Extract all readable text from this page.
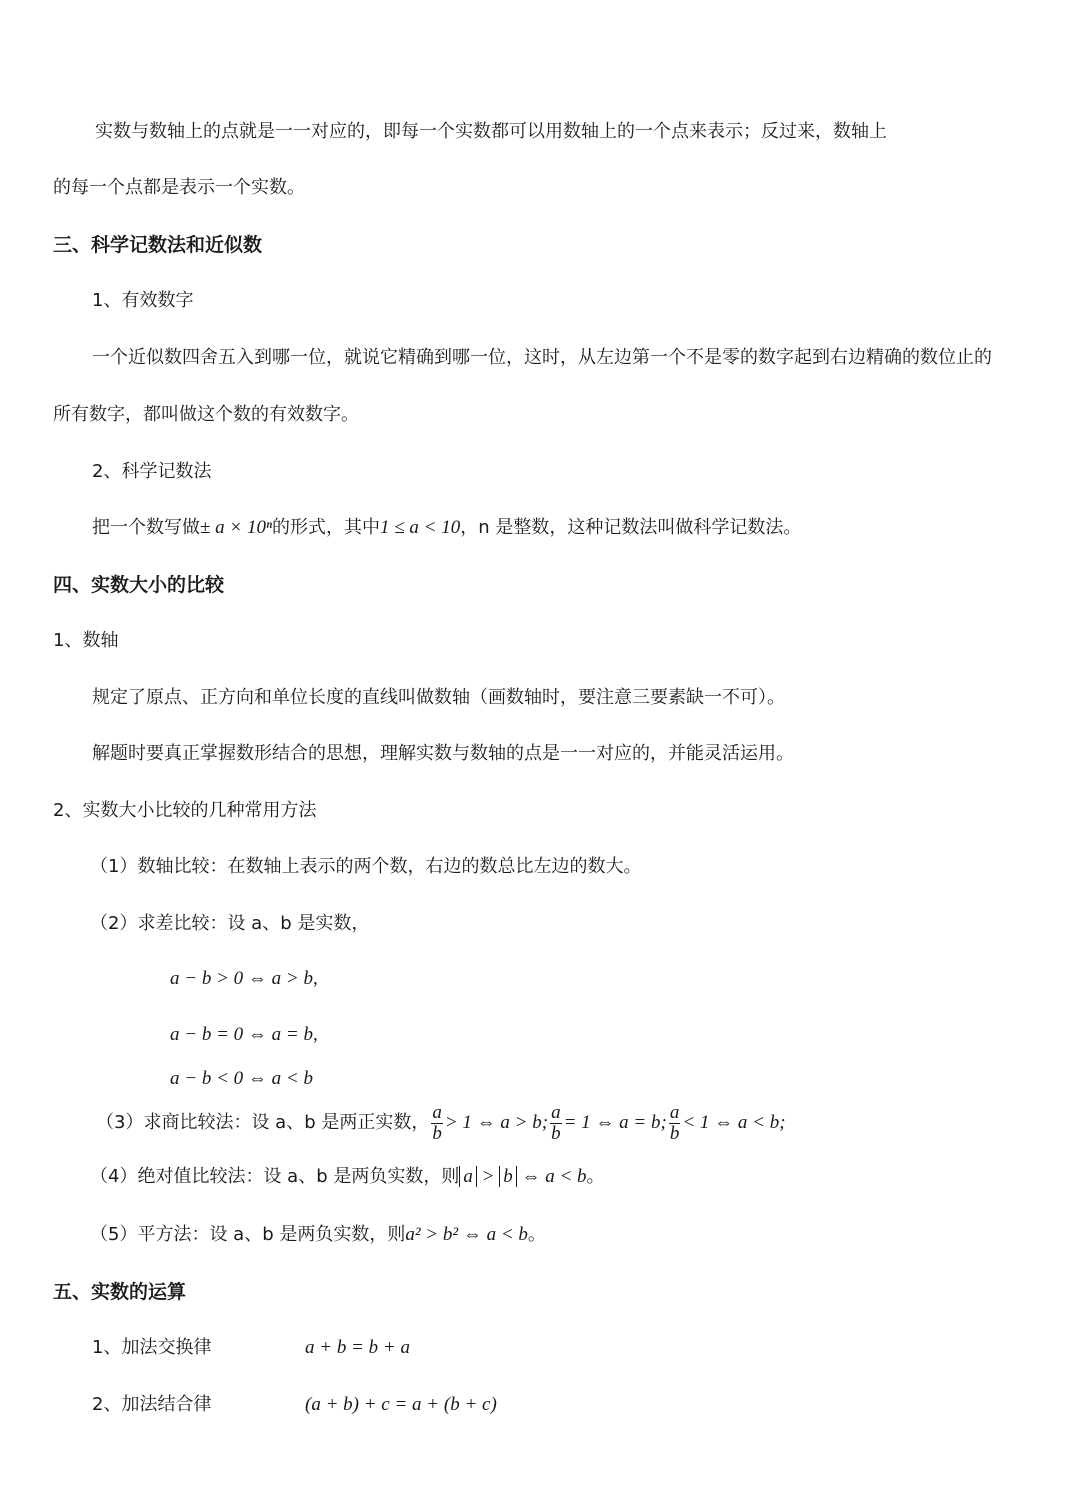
实数与数轴上的点就是一一对应的，即每一个实数都可以用数轴上的一个点来表示；反过来，数轴上
的每一个点都是表示一个实数。
三、科学记数法和近似数
1、有效数字
一个近似数四舍五入到哪一位，就说它精确到哪一位，这时，从左边第一个不是零的数字起到右边精确的数位止的
所有数字，都叫做这个数的有效数字。
2、科学记数法
把一个数写做± a × 10ⁿ的形式，其中1 ≤ a < 10，n 是整数，这种记数法叫做科学记数法。
四、实数大小的比较
1、数轴
规定了原点、正方向和单位长度的直线叫做数轴（画数轴时，要注意三要素缺一不可）。
解题时要真正掌握数形结合的思想，理解实数与数轴的点是一一对应的，并能灵活运用。
2、实数大小比较的几种常用方法
（1）数轴比较：在数轴上表示的两个数，右边的数总比左边的数大。
（2）求差比较：设 a、b 是实数，
a − b > 0 ⇔ a > b,
a − b = 0 ⇔ a = b,
a − b < 0 ⇔ a < b
（3）求商比较法：设 a、b 是两正实数， $\frac{a}{b} > 1$ ⇔ a > b; $\frac{a}{b} = 1$ ⇔ a = b; $\frac{a}{b} < 1$ ⇔ a < b;
（4）绝对值比较法：设 a、b 是两负实数，则 a > b ⇔ a < b。
（5）平方法：设 a、b 是两负实数，则a² > b² ⇔ a < b。
五、实数的运算
1、加法交换律	a + b = b + a
2、加法结合律	(a + b) + c = a + (b + c)
